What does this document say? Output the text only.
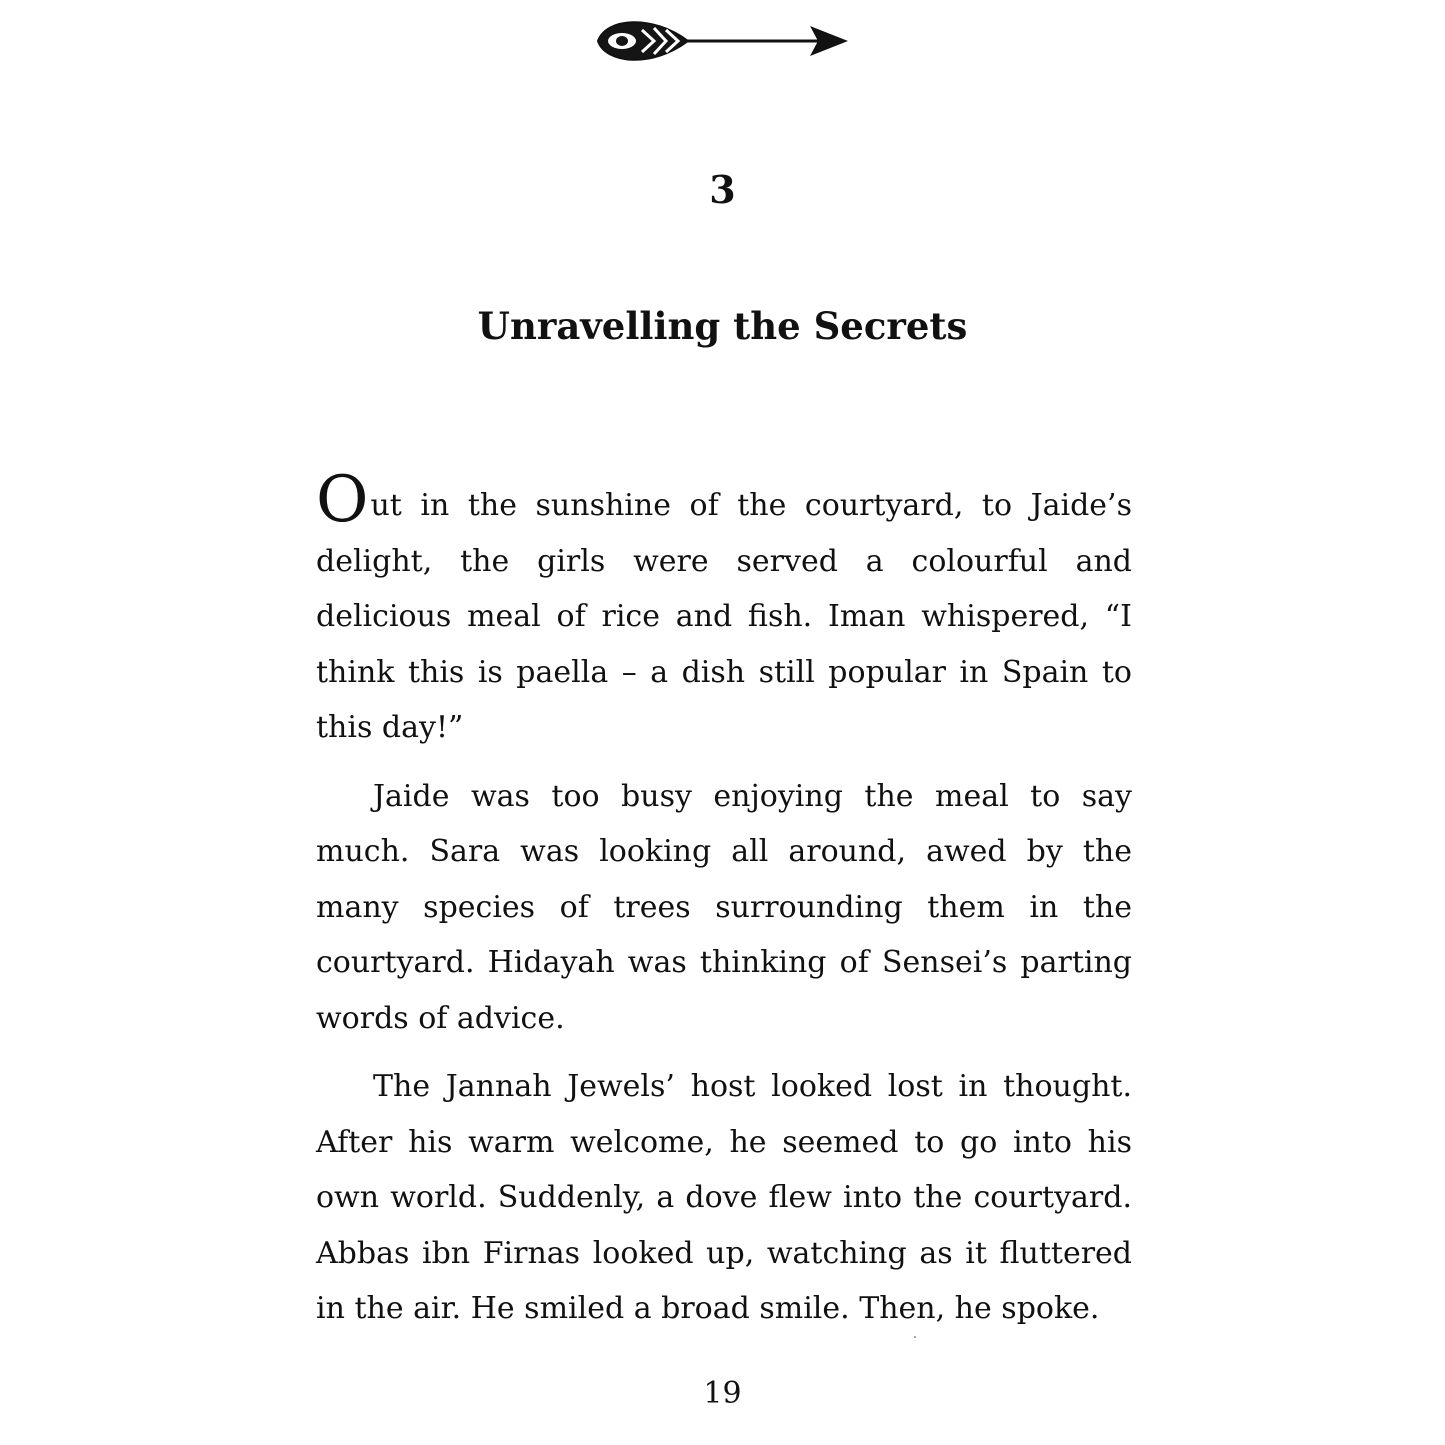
3
Unravelling the Secrets

Out in the sunshine of the courtyard, to Jaide’s delight, the girls were served a colourful and delicious meal of rice and fish. Iman whispered, “I think this is paella – a dish still popular in Spain to this day!”

Jaide was too busy enjoying the meal to say much. Sara was looking all around, awed by the many species of trees surrounding them in the courtyard. Hidayah was thinking of Sensei’s parting words of advice.

The Jannah Jewels’ host looked lost in thought. After his warm welcome, he seemed to go into his own world. Suddenly, a dove flew into the courtyard. Abbas ibn Firnas looked up, watching as it fluttered in the air. He smiled a broad smile. Then, he spoke.

19
